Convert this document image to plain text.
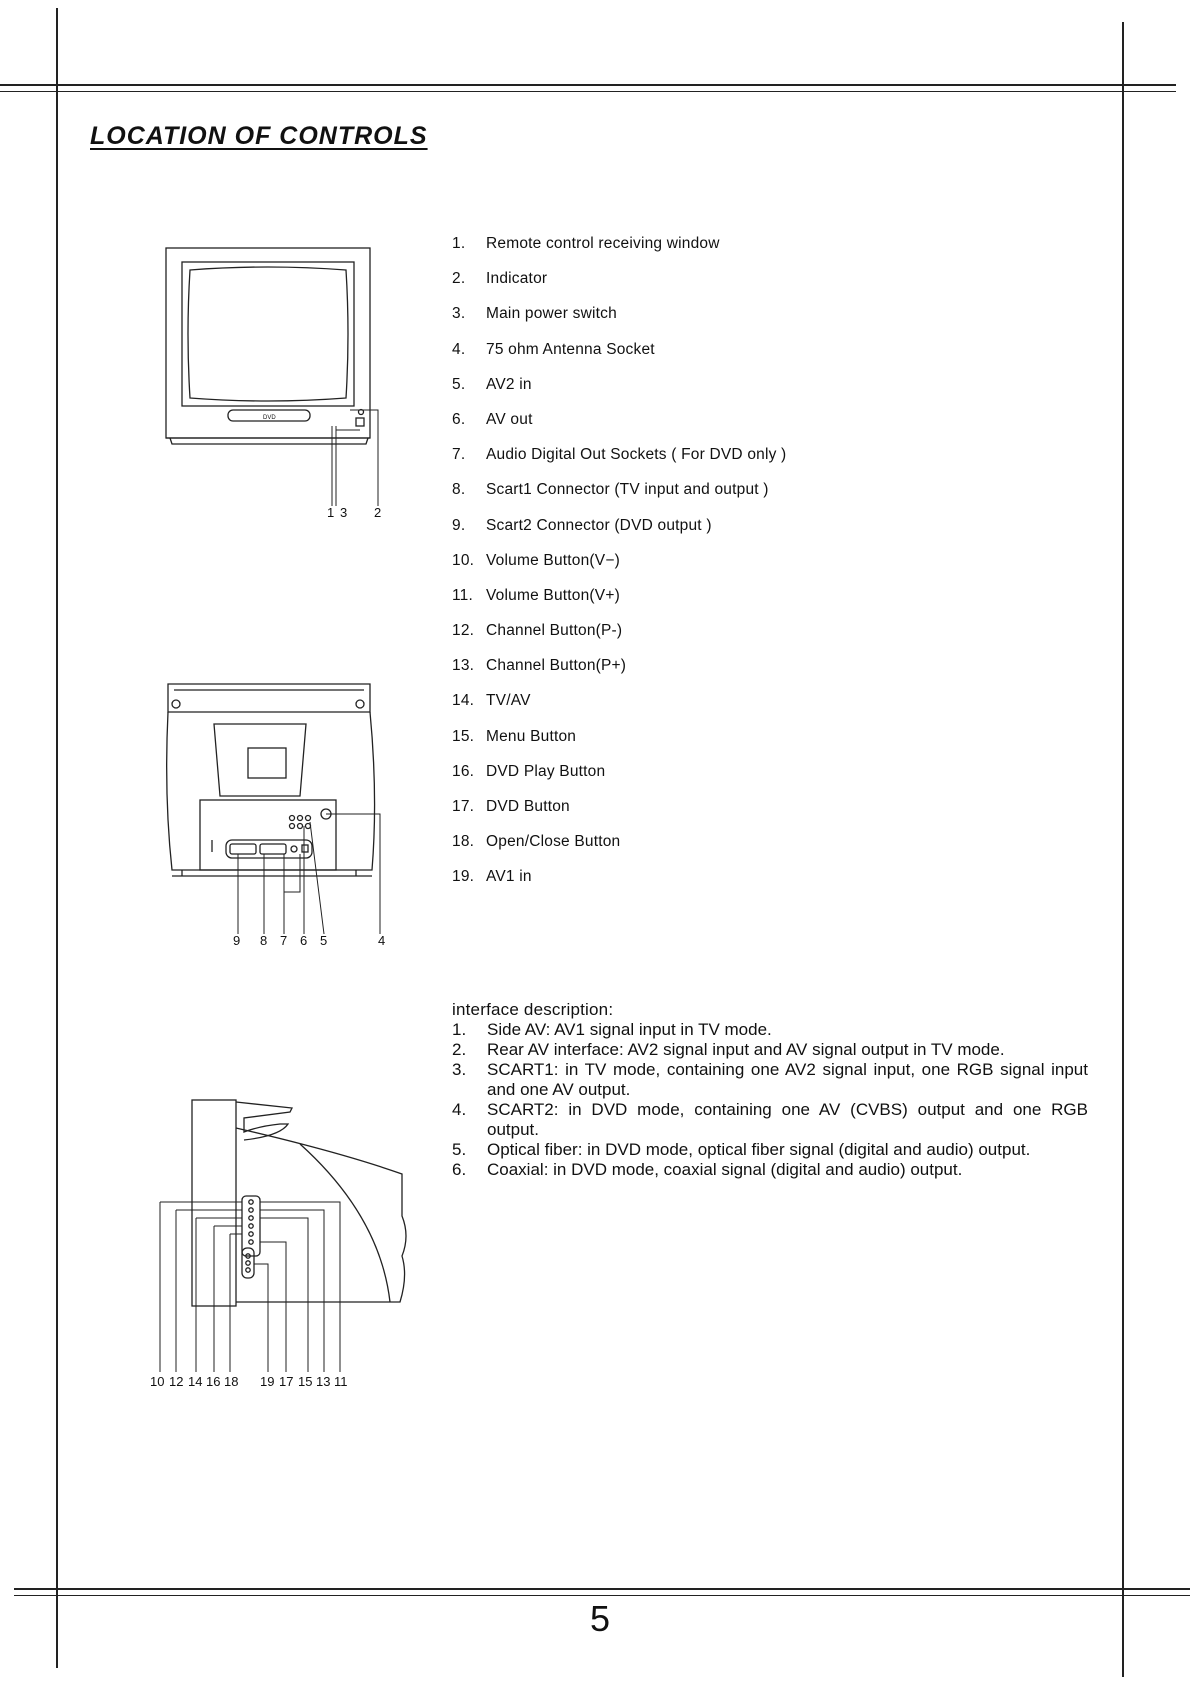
LOCATION OF CONTROLS
DVD
1 3 2
9 8 7 6 5	4
10 12 14 16 18 19 17 15 13 11
1.	Remote control receiving window
2.	Indicator
3.	Main power switch
4.	75 ohm Antenna Socket
5.	AV2 in
6.	AV out
7.	Audio Digital Out Sockets ( For DVD only )
8.	Scart1 Connector (TV input and output )
9.	Scart2 Connector (DVD output )
10. Volume Button(V−)
11. Volume Button(V+)
12. Channel Button(P-)
13. Channel Button(P+)
14. TV/AV
15. Menu Button
16. DVD Play Button
17. DVD Button
18. Open/Close Button
19. AV1 in
interface description:
1.	Side AV: AV1 signal input in TV mode.
2.	Rear AV interface: AV2 signal input and AV signal output in TV mode.
3.	SCART1: in TV mode, containing one AV2 signal input, one RGB signal input and one AV output.
4.	SCART2: in DVD mode, containing one AV (CVBS) output and one RGB output.
5.	Optical fiber: in DVD mode, optical fiber signal (digital and audio) output.
6.	Coaxial: in DVD mode, coaxial signal (digital and audio) output.
5
